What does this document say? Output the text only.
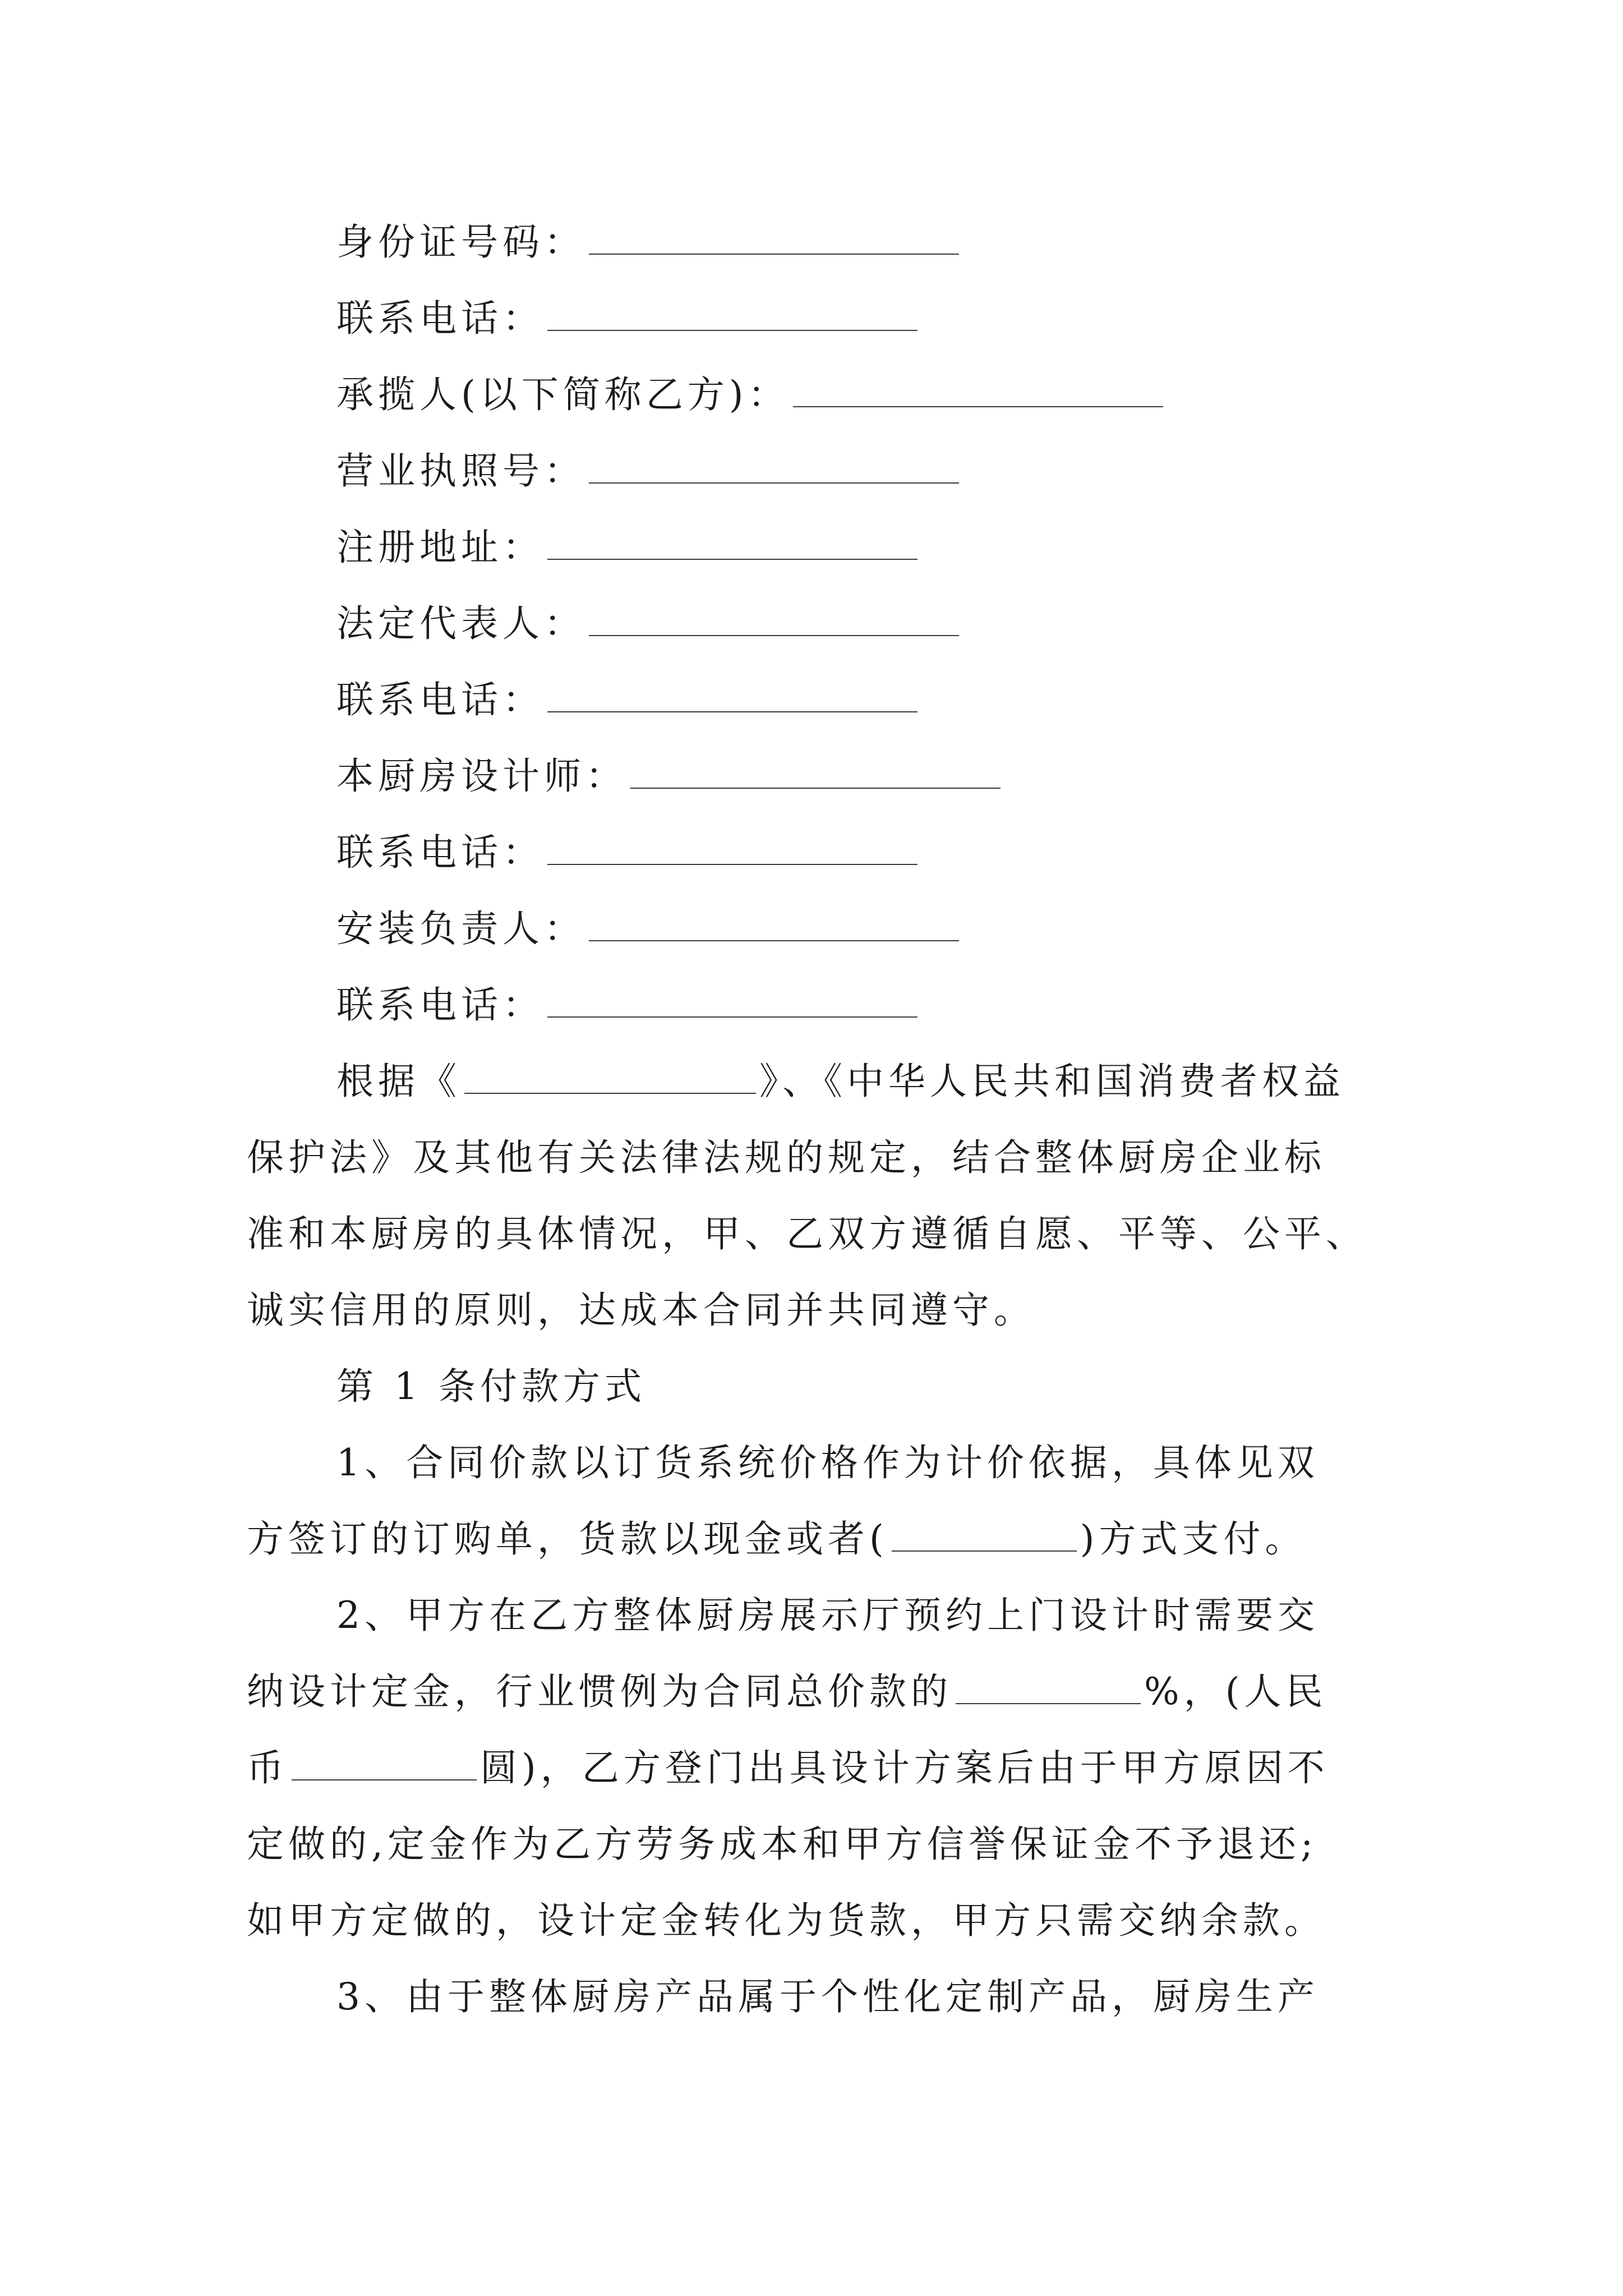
身份证号码：
联系电话：
承揽人(以下简称乙方)：
营业执照号：
注册地址：
法定代表人：
联系电话：
本厨房设计师：
联系电话：
安装负责人：
联系电话：
根据《	》、《中华人民共和国消费者权益
保护法》及其他有关法律法规的规定，结合整体厨房企业标
准和本厨房的具体情况，甲、乙双方遵循自愿、平等、公平、
诚实信用的原则，达成本合同并共同遵守。
第 1 条付款方式
1、合同价款以订货系统价格作为计价依据，具体见双
方签订的订购单，货款以现金或者(	)方式支付。
2、甲方在乙方整体厨房展示厅预约上门设计时需要交
纳设计定金，行业惯例为合同总价款的	%，(人民
币	圆)，乙方登门出具设计方案后由于甲方原因不
定做的,定金作为乙方劳务成本和甲方信誉保证金不予退还;
如甲方定做的，设计定金转化为货款，甲方只需交纳余款。
3、由于整体厨房产品属于个性化定制产品，厨房生产
